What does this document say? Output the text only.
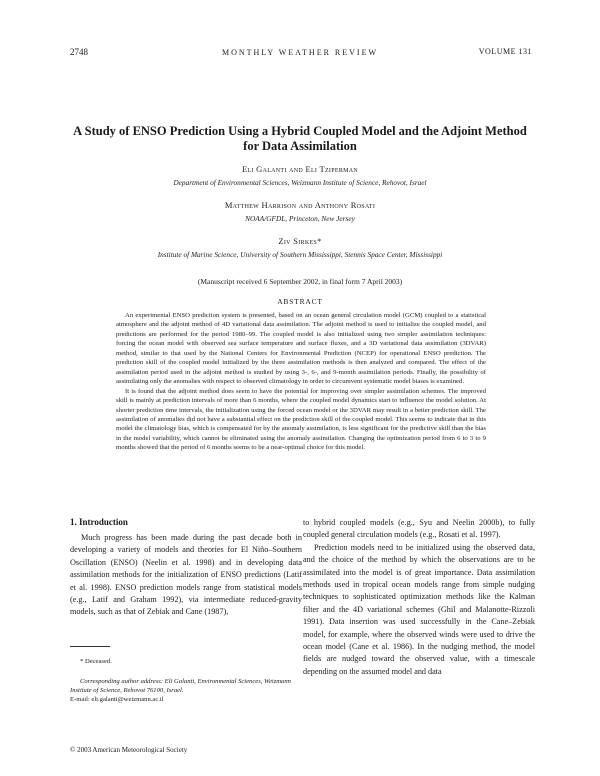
2748	MONTHLY WEATHER REVIEW	VOLUME 131
A Study of ENSO Prediction Using a Hybrid Coupled Model and the Adjoint Method
for Data Assimilation
Eli Galanti and Eli Tziperman
Department of Environmental Sciences, Weizmann Institute of Science, Rehovot, Israel
Matthew Harrison and Anthony Rosati
NOAA/GFDL, Princeton, New Jersey
Ziv Sirkes*
Institute of Marine Science, University of Southern Mississippi, Stennis Space Center, Mississippi
(Manuscript received 6 September 2002, in final form 7 April 2003)
ABSTRACT

An experimental ENSO prediction system is presented, based on an ocean general circulation model (GCM) coupled to a statistical atmosphere and the adjoint method of 4D variational data assimilation. The adjoint method is used to initialize the coupled model, and predictions are performed for the period 1980–99. The coupled model is also initialized using two simpler assimilation techniques: forcing the ocean model with observed sea surface temperature and surface fluxes, and a 3D variational data assimilation (3DVAR) method, similar to that used by the National Centers for Environmental Prediction (NCEP) for operational ENSO prediction. The prediction skill of the coupled model initialized by the three assimilation methods is then analyzed and compared. The effect of the assimilation period used in the adjoint method is studied by using 3-, 6-, and 9-month assimilation periods. Finally, the possibility of assimilating only the anomalies with respect to observed climatology in order to circumvent systematic model biases is examined.

It is found that the adjoint method does seem to have the potential for improving over simpler assimilation schemes. The improved skill is mainly at prediction intervals of more than 6 months, where the coupled model dynamics start to influence the model solution. At shorter prediction time intervals, the initialization using the forced ocean model or the 3DVAR may result in a better prediction skill. The assimilation of anomalies did not have a substantial effect on the prediction skill of the coupled model. This seems to indicate that in this model the climatology bias, which is compensated for by the anomaly assimilation, is less significant for the predictive skill than the bias in the model variability, which cannot be eliminated using the anomaly assimilation. Changing the optimization period from 6 to 3 to 9 months showed that the period of 6 months seems to be a near-optimal choice for this model.

1. Introduction

Much progress has been made during the past decade both in developing a variety of models and theories for El Niño–Southern Oscillation (ENSO) (Neelin et al. 1998) and in developing data assimilation methods for the initialization of ENSO predictions (Latif et al. 1998). ENSO prediction models range from statistical models (e.g., Latif and Graham 1992), via intermediate reduced-gravity models, such as that of Zebiak and Cane (1987),

to hybrid coupled models (e.g., Syu and Neelin 2000b), to fully coupled general circulation models (e.g., Rosati et al. 1997).

Prediction models need to be initialized using the observed data, and the choice of the method by which the observations are to be assimilated into the model is of great importance. Data assimilation methods used in tropical ocean models range from simple nudging techniques to sophisticated optimization methods like the Kalman filter and the 4D variational schemes (Ghil and Malanotte-Rizzoli 1991). Data insertion was used successfully in the Cane–Zebiak model, for example, where the observed winds were used to drive the ocean model (Cane et al. 1986). In the nudging method, the model fields are nudged toward the observed value, with a timescale depending on the assumed model and data

* Deceased.
Corresponding author address: Eli Galanti, Environmental Sciences, Weizmann Institute of Science, Rehovot 76100, Israel.
E-mail: eli.galanti@weizmann.ac.il
© 2003 American Meteorological Society
